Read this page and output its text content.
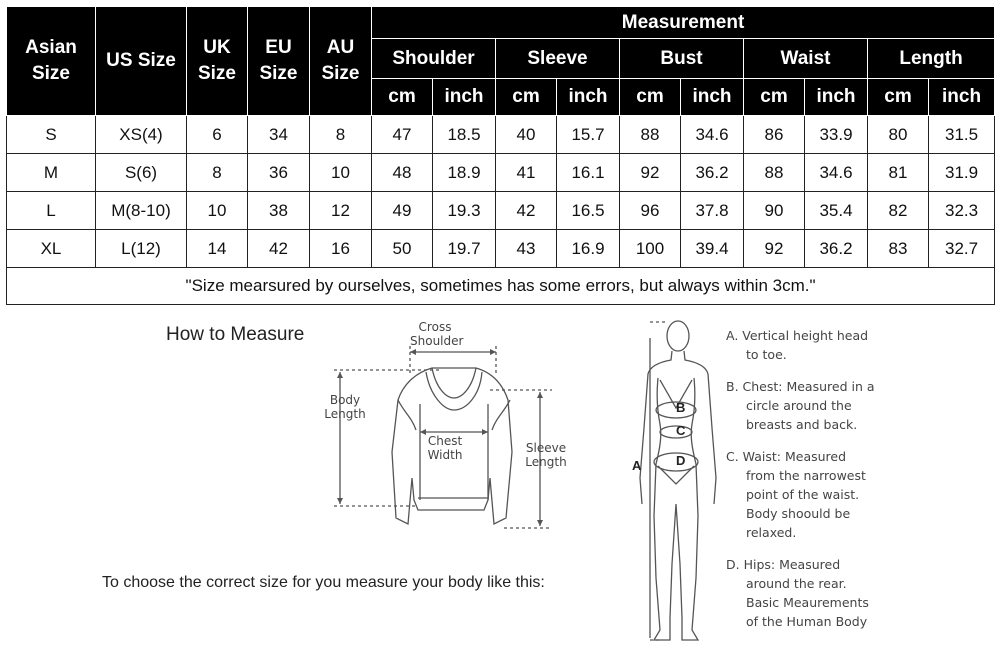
Asian Size	US Size	UK Size	EU Size	AU Size	Measurement									
					Shoulder		Sleeve		Bust		Waist		Length	
					cm	inch	cm	inch	cm	inch	cm	inch	cm	inch
S	XS(4)	6	34	8	47	18.5	40	15.7	88	34.6	86	33.9	80	31.5
M	S(6)	8	36	10	48	18.9	41	16.1	92	36.2	88	34.6	81	31.9
L	M(8-10)	10	38	12	49	19.3	42	16.5	96	37.8	90	35.4	82	32.3
XL	L(12)	14	42	16	50	19.7	43	16.9	100	39.4	92	36.2	83	32.7
"Size mearsured by ourselves, sometimes has some errors, but always within 3cm."														
How to Measure
To choose the correct size for you measure your body like this:
Cross
Shoulder
Body
Length
Chest
Width	Sleeve
Length	A
B
C
D
A. Vertical height head
to toe.
B. Chest: Measured in a
circle around the
breasts and back.
C. Waist: Measured
from the narrowest
point of the waist.
Body shoould be
relaxed.
D. Hips: Measured
around the rear.
Basic Meaurements
of the Human Body
